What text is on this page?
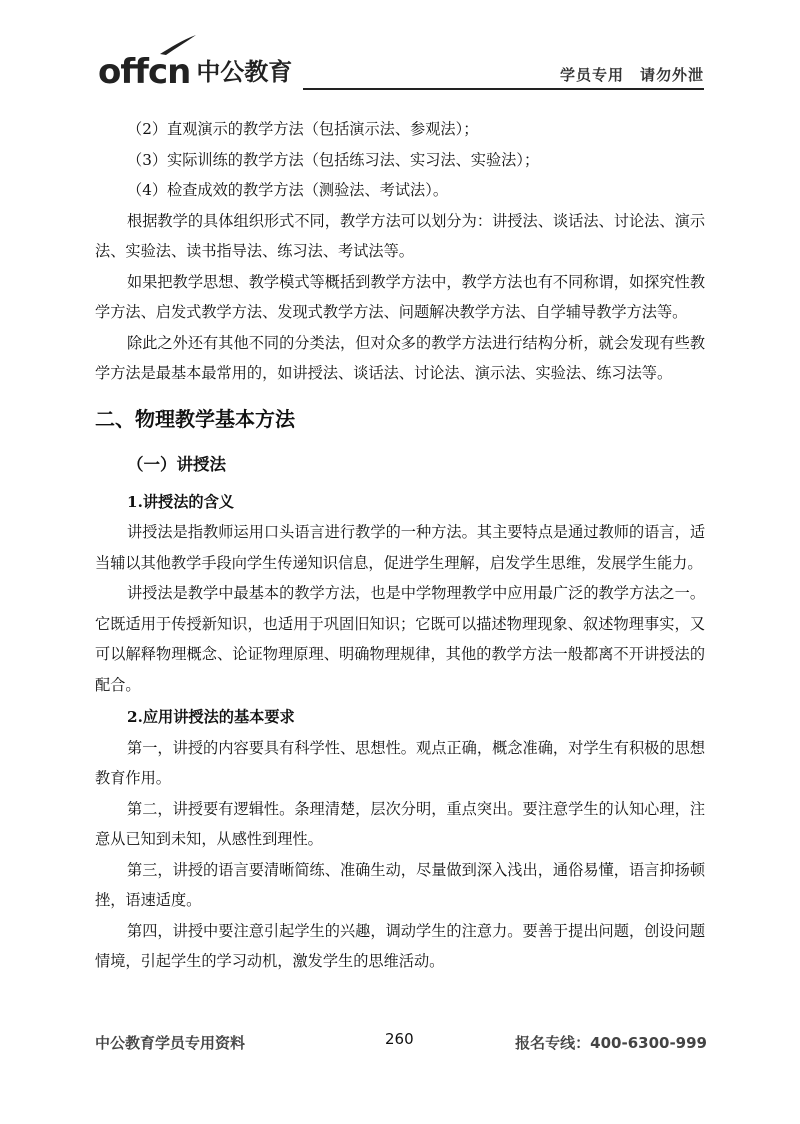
offcn 中公教育	学员专用 请勿外泄

（2）直观演示的教学方法（包括演示法、参观法）；

（3）实际训练的教学方法（包括练习法、实习法、实验法）；

（4）检查成效的教学方法（测验法、考试法）。

根据教学的具体组织形式不同，教学方法可以划分为：讲授法、谈话法、讨论法、演示法、实验法、读书指导法、练习法、考试法等。

如果把教学思想、教学模式等概括到教学方法中，教学方法也有不同称谓，如探究性教学方法、启发式教学方法、发现式教学方法、问题解决教学方法、自学辅导教学方法等。

除此之外还有其他不同的分类法，但对众多的教学方法进行结构分析，就会发现有些教学方法是最基本最常用的，如讲授法、谈话法、讨论法、演示法、实验法、练习法等。

二、物理教学基本方法
（一）讲授法
1.讲授法的含义

讲授法是指教师运用口头语言进行教学的一种方法。其主要特点是通过教师的语言，适当辅以其他教学手段向学生传递知识信息，促进学生理解，启发学生思维，发展学生能力。

讲授法是教学中最基本的教学方法，也是中学物理教学中应用最广泛的教学方法之一。它既适用于传授新知识，也适用于巩固旧知识；它既可以描述物理现象、叙述物理事实，又可以解释物理概念、论证物理原理、明确物理规律，其他的教学方法一般都离不开讲授法的配合。

2.应用讲授法的基本要求

第一，讲授的内容要具有科学性、思想性。观点正确，概念准确，对学生有积极的思想教育作用。

第二，讲授要有逻辑性。条理清楚，层次分明，重点突出。要注意学生的认知心理，注意从已知到未知，从感性到理性。

第三，讲授的语言要清晰简练、准确生动，尽量做到深入浅出，通俗易懂，语言抑扬顿挫，语速适度。

第四，讲授中要注意引起学生的兴趣，调动学生的注意力。要善于提出问题，创设问题情境，引起学生的学习动机，激发学生的思维活动。

中公教育学员专用资料	260	报名专线：400-6300-999
